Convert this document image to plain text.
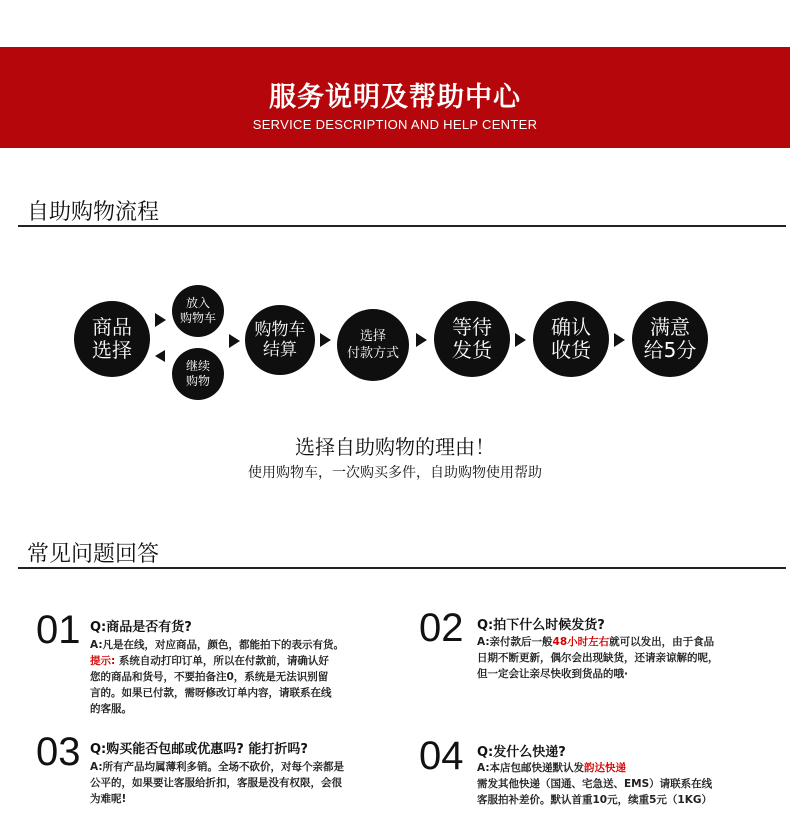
服务说明及帮助中心
SERVICE DESCRIPTION AND HELP CENTER
自助购物流程
商品
选择
放入
购物车
继续
购物
购物车
结算
选择
付款方式
等待
发货
确认
收货
满意
给5分
选择自助购物的理由！
使用购物车，一次购买多件，自助购物使用帮助
常见问题回答
01 Q:商品是否有货?
A:凡是在线，对应商品，颜色，都能拍下的表示有货。
提示: 系统自动打印订单，所以在付款前，请确认好
您的商品和货号，不要拍备注0，系统是无法识别留
言的。如果已付款，需呀修改订单内容，请联系在线
的客服。
02 Q:拍下什么时候发货?
A:亲付款后一般48小时左右就可以发出，由于食品
日期不断更新，偶尔会出现缺货，还请亲谅解的呢，
但一定会让亲尽快收到货品的哦·
03 Q:购买能否包邮或优惠吗? 能打折吗?
A:所有产品均属薄利多销。全场不砍价，对每个亲都是
公平的，如果要让客服给折扣，客服是没有权限，会很
为难呢!
04 Q:发什么快递?
A:本店包邮快递默认发韵达快递
需发其他快递（国通、宅急送、EMS）请联系在线
客服拍补差价。默认首重10元，续重5元（1KG）
